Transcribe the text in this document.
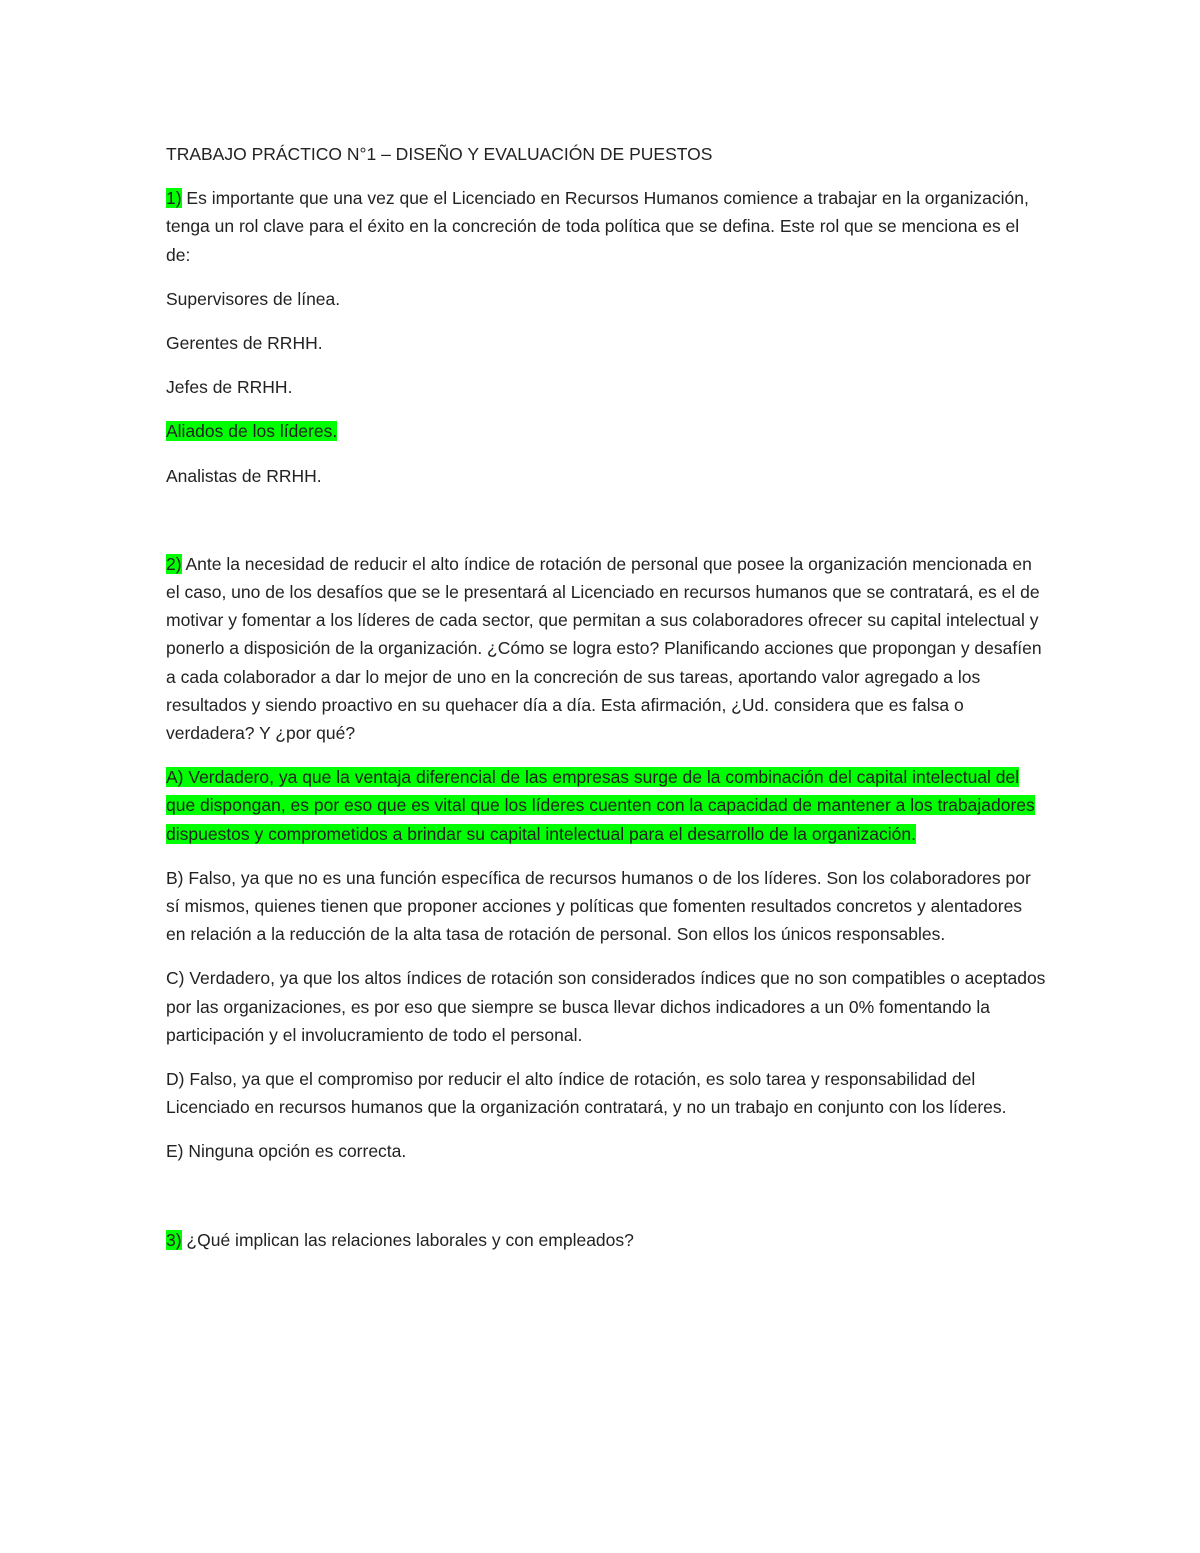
TRABAJO PRÁCTICO N°1 – DISEÑO Y EVALUACIÓN DE PUESTOS

1) Es importante que una vez que el Licenciado en Recursos Humanos comience a trabajar en la organización, tenga un rol clave para el éxito en la concreción de toda política que se defina. Este rol que se menciona es el de:

Supervisores de línea.

Gerentes de RRHH.

Jefes de RRHH.

Aliados de los líderes.

Analistas de RRHH.

2) Ante la necesidad de reducir el alto índice de rotación de personal que posee la organización mencionada en el caso, uno de los desafíos que se le presentará al Licenciado en recursos humanos que se contratará, es el de motivar y fomentar a los líderes de cada sector, que permitan a sus colaboradores ofrecer su capital intelectual y ponerlo a disposición de la organización. ¿Cómo se logra esto? Planificando acciones que propongan y desafíen a cada colaborador a dar lo mejor de uno en la concreción de sus tareas, aportando valor agregado a los resultados y siendo proactivo en su quehacer día a día. Esta afirmación, ¿Ud. considera que es falsa o verdadera? Y ¿por qué?

A) Verdadero, ya que la ventaja diferencial de las empresas surge de la combinación del capital intelectual del que dispongan, es por eso que es vital que los líderes cuenten con la capacidad de mantener a los trabajadores dispuestos y comprometidos a brindar su capital intelectual para el desarrollo de la organización.

B) Falso, ya que no es una función específica de recursos humanos o de los líderes. Son los colaboradores por sí mismos, quienes tienen que proponer acciones y políticas que fomenten resultados concretos y alentadores en relación a la reducción de la alta tasa de rotación de personal. Son ellos los únicos responsables.

C) Verdadero, ya que los altos índices de rotación son considerados índices que no son compatibles o aceptados por las organizaciones, es por eso que siempre se busca llevar dichos indicadores a un 0% fomentando la participación y el involucramiento de todo el personal.

D) Falso, ya que el compromiso por reducir el alto índice de rotación, es solo tarea y responsabilidad del Licenciado en recursos humanos que la organización contratará, y no un trabajo en conjunto con los líderes.

E) Ninguna opción es correcta.

3) ¿Qué implican las relaciones laborales y con empleados?
